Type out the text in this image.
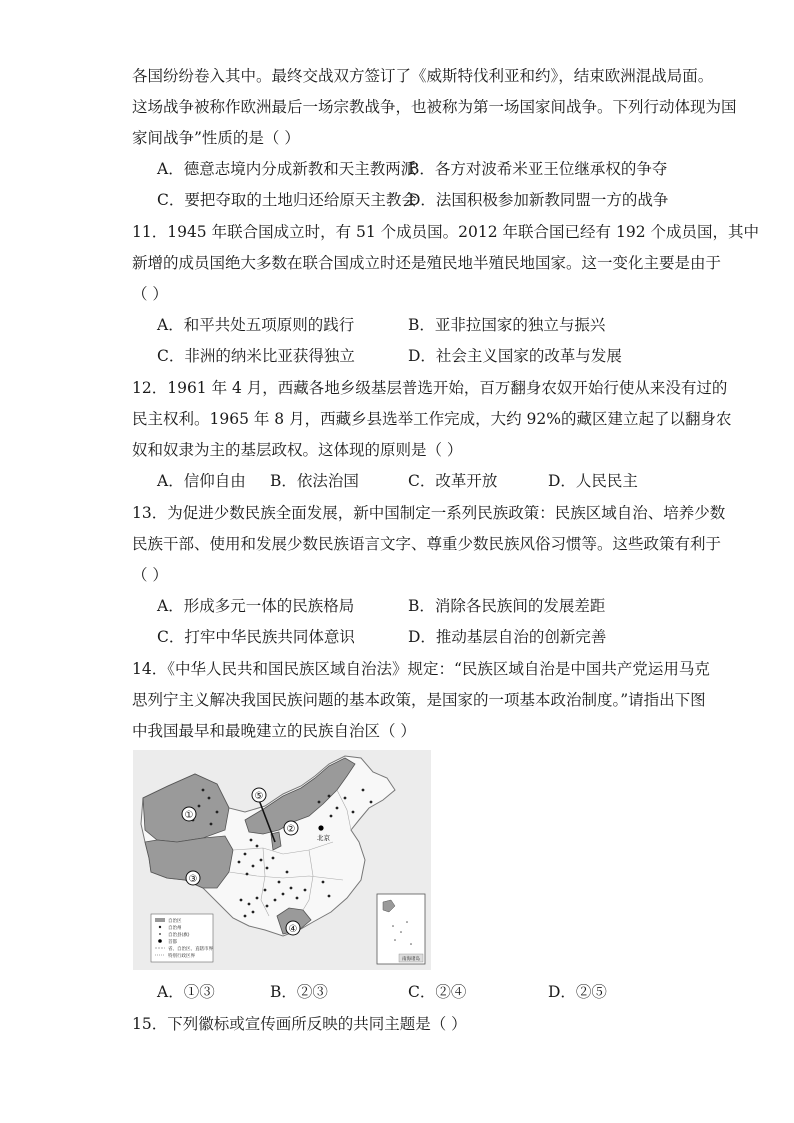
各国纷纷卷入其中。最终交战双方签订了《威斯特伐利亚和约》，结束欧洲混战局面。
这场战争被称作欧洲最后一场宗教战争，也被称为第一场国家间战争。下列行动体现为国
家间战争”性质的是（ ）
A．德意志境内分成新教和天主教两派
B．各方对波希米亚王位继承权的争夺
C．要把夺取的土地归还给原天主教会
D．法国积极参加新教同盟一方的战争
11．1945 年联合国成立时，有 51 个成员国。2012 年联合国已经有 192 个成员国，其中
新增的成员国绝大多数在联合国成立时还是殖民地半殖民地国家。这一变化主要是由于
（ ）
A．和平共处五项原则的践行	B．亚非拉国家的独立与振兴
C．非洲的纳米比亚获得独立	D．社会主义国家的改革与发展
12．1961 年 4 月，西藏各地乡级基层普选开始，百万翻身农奴开始行使从来没有过的
民主权利。1965 年 8 月，西藏乡县选举工作完成，大约 92%的藏区建立起了以翻身农
奴和奴隶为主的基层政权。这体现的原则是（ ）
A．信仰自由 B．依法治国	C．改革开放	D．人民民主
13．为促进少数民族全面发展，新中国制定一系列民族政策：民族区域自治、培养少数
民族干部、使用和发展少数民族语言文字、尊重少数民族风俗习惯等。这些政策有利于
（ ）
A．形成多元一体的民族格局	B．消除各民族间的发展差距
C．打牢中华民族共同体意识	D．推动基层自治的创新完善
14．《中华人民共和国民族区域自治法》规定：“民族区域自治是中国共产党运用马克
思列宁主义解决我国民族问题的基本政策，是国家的一项基本政治制度。”请指出下图
中我国最早和最晚建立的民族自治区（ ）
北京
①
②
③
④
⑤
自治区
自治州
自治县(旗)
首都
省、自治区、直辖市界
特别行政区界
南海诸岛
A．①③	B．②③	C．②④	D．②⑤
15．下列徽标或宣传画所反映的共同主题是（ ）
